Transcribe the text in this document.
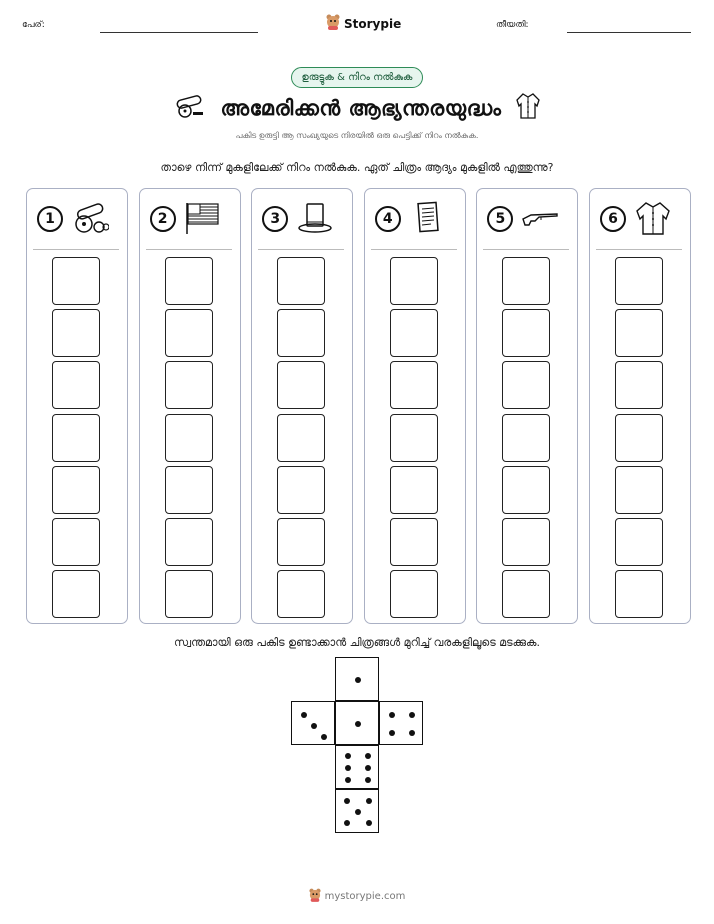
പേര്:	Storypie	തീയതി:
ഉരുട്ടുക & നിറം നൽകുക
അമേരിക്കൻ ആഭ്യന്തരയുദ്ധം
പകിട ഉരുട്ടി ആ സംഖ്യയുടെ നിരയിൽ ഒരു പെട്ടിക്ക് നിറം നൽകുക.
താഴെ നിന്ന് മുകളിലേക്ക് നിറം നൽകുക. ഏത് ചിത്രം ആദ്യം മുകളിൽ എത്തുന്നു?
1	2	3	4	5	6
സ്വന്തമായി ഒരു പകിട ഉണ്ടാക്കാൻ ചിത്രങ്ങൾ മുറിച്ച് വരകളിലൂടെ മടക്കുക.
mystorypie.com
